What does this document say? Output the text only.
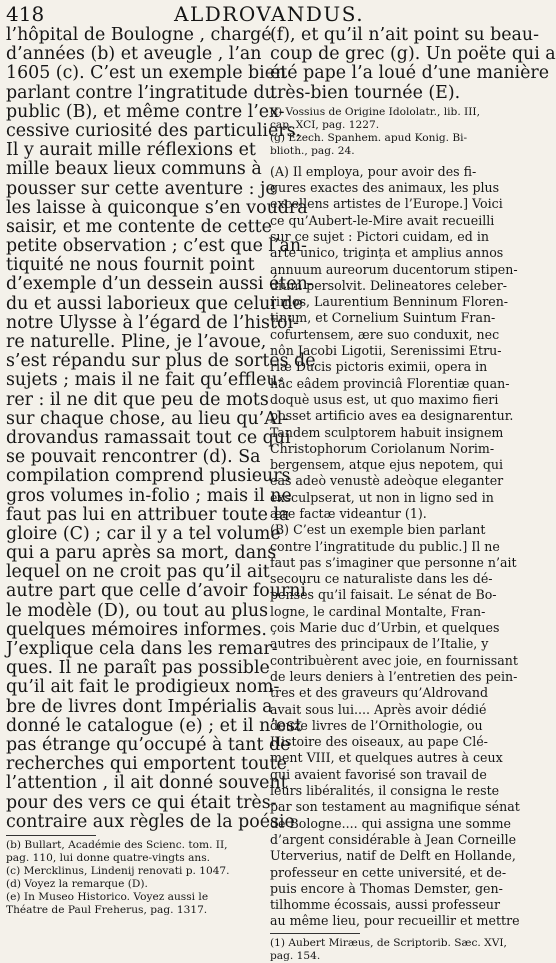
418	ALDROVANDUS.
l’hôpital de Boulogne , chargé
d’années (b) et aveugle , l’an
1605 (c). C’est un exemple bien
parlant contre l’ingratitude du
public (B), et même contre l’ex-
cessive curiosité des particuliers.
Il y aurait mille réflexions et
mille beaux lieux communs à
pousser sur cette aventure : je
les laisse à quiconque s’en voudra
saisir, et me contente de cette
petite observation ; c’est que l’an-
tiquité ne nous fournit point
d’exemple d’un dessein aussi éten-
du et aussi laborieux que celui de
notre Ulysse à l’égard de l’histoi-
re naturelle. Pline, je l’avoue,
s’est répandu sur plus de sortes de
sujets ; mais il ne fait qu’effleu-
rer : il ne dit que peu de mots
sur chaque chose, au lieu qu’Al-
drovandus ramassait tout ce qui
se pouvait rencontrer (d). Sa
compilation comprend plusieurs
gros volumes in-folio ; mais il ne
faut pas lui en attribuer toute la
gloire (C) ; car il y a tel volume
qui a paru après sa mort, dans
lequel on ne croit pas qu’il ait
autre part que celle d’avoir fourni
le modèle (D), ou tout au plus
quelques mémoires informes.
J’explique cela dans les remar-
ques. Il ne paraît pas possible
qu’il ait fait le prodigieux nom-
bre de livres dont Impérialis a
donné le catalogue (e) ; et il n’est
pas étrange qu’occupé à tant de
recherches qui emportent toute
l’attention , il ait donné souvent
pour des vers ce qui était très-
contraire aux règles de la poésie
(b) Bullart, Académie des Scienc. tom. II,
pag. 110, lui donne quatre-vingts ans.
(c) Mercklinus, Lindenij renovati p. 1047.
(d) Voyez la remarque (D).
(e) In Museo Historico. Voyez aussi le
Théatre de Paul Freherus, pag. 1317.
(f), et qu’il n’ait point su beau-
coup de grec (g). Un poëte qui a
été pape l’a loué d’une manière
très-bien tournée (E).
(f) Vossius de Origine Idololatr., lib. III,
cap. XCI, pag. 1227.
(g) Ezech. Spanhem. apud Konig. Bi-
blioth., pag. 24.
(A) Il employa, pour avoir des fi-
gures exactes des animaux, les plus
excellens artistes de l’Europe.] Voici
ce qu’Aubert-le-Mire avait recueilli
sur ce sujet : Pictori cuidam, ed in
arte unico, trigința et amplius annos
annuum aureorum ducentorum stipen-
dium persolvit. Delineatores celeber-
rimos, Laurentium Benninum Floren-
tinum, et Cornelium Suintum Fran-
cofurtensem, ære suo conduxit, nec
nôn Jacobi Ligotii, Serenissimi Etru-
riæ Ducis pictoris eximii, opera in
hâc eâdem provinciâ Florentiæ quan-
doquè usus est, ut quo maximo fieri
posset artificio aves ea designarentur.
Tandem sculptorem habuit insignem
Christophorum Coriolanum Norim-
bergensem, atque ejus nepotem, qui
eas adeò venustè adeòque eleganter
exsculpserat, ut non in ligno sed in
ære factæ videantur (1).
(B) C’est un exemple bien parlant
contre l’ingratitude du public.] Il ne
faut pas s’imaginer que personne n’ait
secouru ce naturaliste dans les dé-
penses qu’il faisait. Le sénat de Bo-
logne, le cardinal Montalte, Fran-
çois Marie duc d’Urbin, et quelques
autres des principaux de l’Italie, y
contribuèrent avec joie, en fournissant
de leurs deniers à l’entretien des pein-
tres et des graveurs qu’Aldrovand
avait sous lui.... Après avoir dédié
douze livres de l’Ornithologie, ou
Histoire des oiseaux, au pape Clé-
ment VIII, et quelques autres à ceux
qui avaient favorisé son travail de
leurs libéralités, il consigna le reste
par son testament au magnifique sénat
de Bologne.... qui assigna une somme
d’argent considérable à Jean Corneille
Uterverius, natif de Delft en Hollande,
professeur en cette université, et de-
puis encore à Thomas Demster, gen-
tilhomme écossais, aussi professeur
au même lieu, pour recueillir et mettre
(1) Aubert Miræus, de Scriptorib. Sæc. XVI,
pag. 154.
